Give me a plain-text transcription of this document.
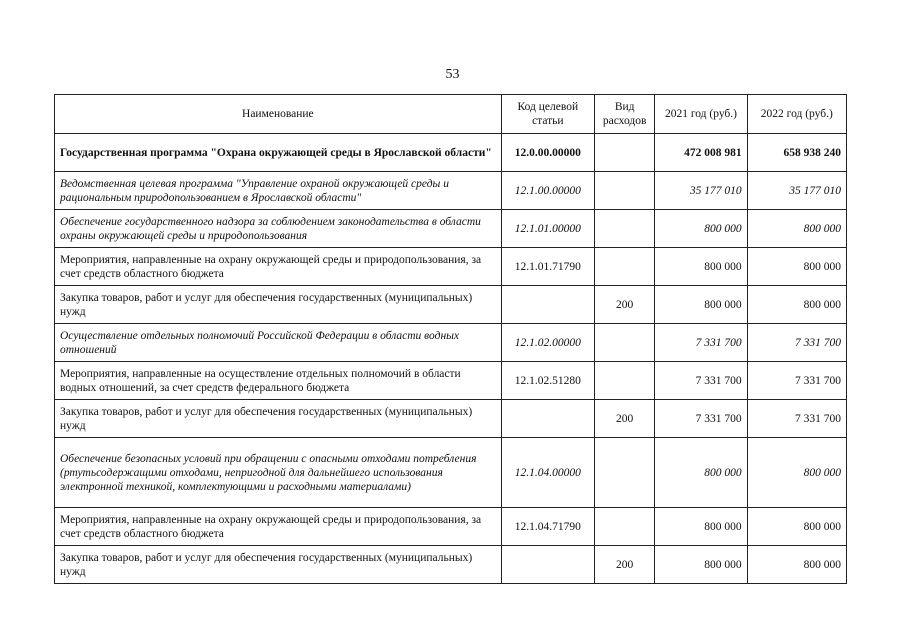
53
Наименование	Код целевой статьи	Вид расходов	2021 год (руб.)	2022 год (руб.)
Государственная программа "Охрана окружающей среды в Ярославской области"	12.0.00.00000		472 008 981	658 938 240
Ведомственная целевая программа "Управление охраной окружающей среды и рациональным природопользованием в Ярославской области"	12.1.00.00000		35 177 010	35 177 010
Обеспечение государственного надзора за соблюдением законодательства в области охраны окружающей среды и природопользования	12.1.01.00000		800 000	800 000
Мероприятия, направленные на охрану окружающей среды и природопользования, за счет средств областного бюджета	12.1.01.71790		800 000	800 000
Закупка товаров, работ и услуг для обеспечения государственных (муниципальных) нужд		200	800 000	800 000
Осуществление отдельных полномочий Российской Федерации в области водных отношений	12.1.02.00000		7 331 700	7 331 700
Мероприятия, направленные на осуществление отдельных полномочий в области водных отношений, за счет средств федерального бюджета	12.1.02.51280		7 331 700	7 331 700
Закупка товаров, работ и услуг для обеспечения государственных (муниципальных) нужд		200	7 331 700	7 331 700
Обеспечение безопасных условий при обращении с опасными отходами потребления (ртутьсодержащими отходами, непригодной для дальнейшего использования электронной техникой, комплектующими и расходными материалами)	12.1.04.00000		800 000	800 000
Мероприятия, направленные на охрану окружающей среды и природопользования, за счет средств областного бюджета	12.1.04.71790		800 000	800 000
Закупка товаров, работ и услуг для обеспечения государственных (муниципальных) нужд		200	800 000	800 000
